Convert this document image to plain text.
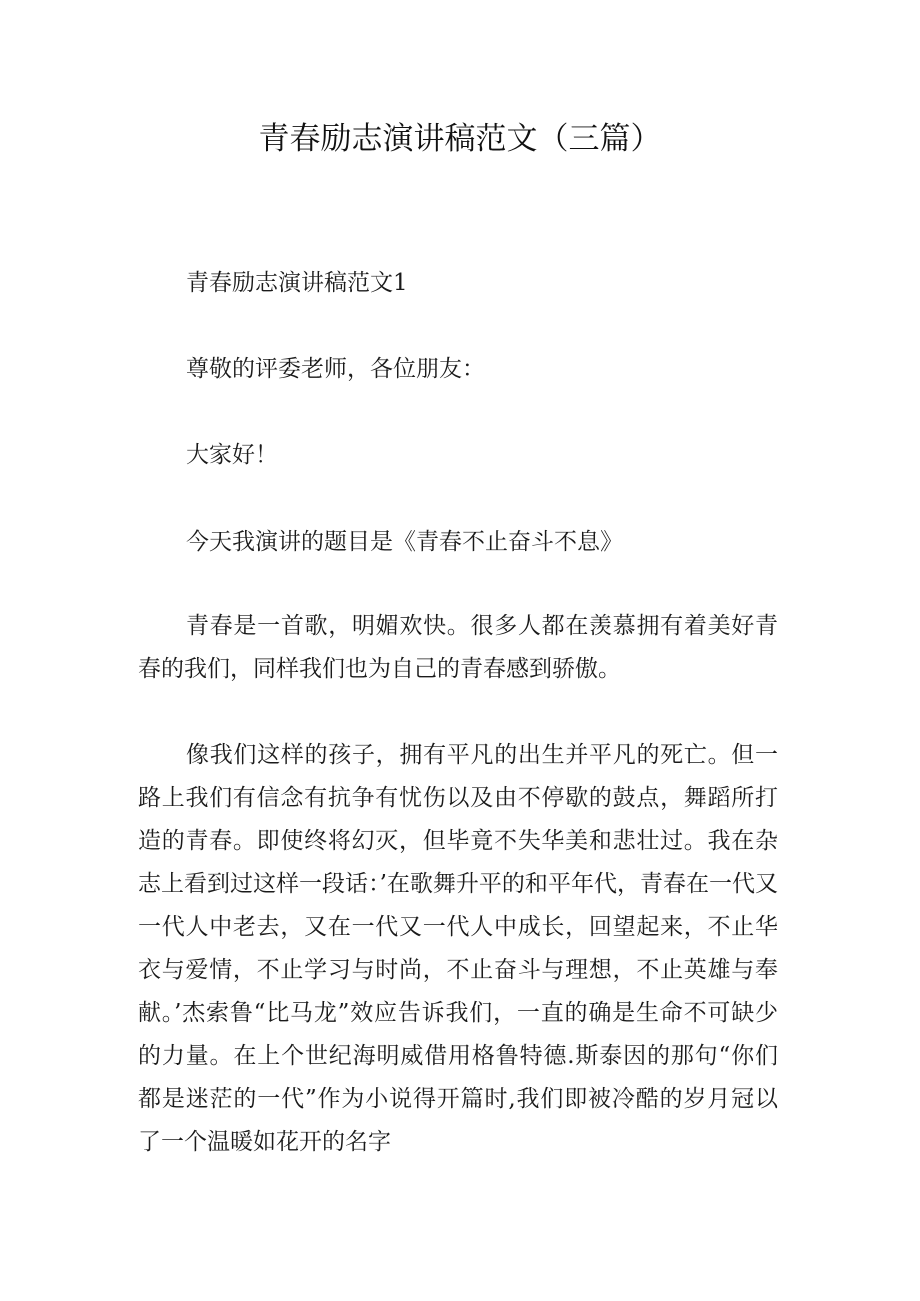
青春励志演讲稿范文（三篇）

青春励志演讲稿范文1

尊敬的评委老师，各位朋友：

大家好！

今天我演讲的题目是《青春不止奋斗不息》

青春是一首歌，明媚欢快。很多人都在羡慕拥有着美好青春的我们，同样我们也为自己的青春感到骄傲。

像我们这样的孩子，拥有平凡的出生并平凡的死亡。但一路上我们有信念有抗争有忧伤以及由不停歇的鼓点，舞蹈所打造的青春。即使终将幻灭，但毕竟不失华美和悲壮过。我在杂志上看到过这样一段话：’在歌舞升平的和平年代，青春在一代又一代人中老去，又在一代又一代人中成长，回望起来，不止华衣与爱情，不止学习与时尚，不止奋斗与理想，不止英雄与奉献。’杰索鲁“比马龙”效应告诉我们，一直的确是生命不可缺少的力量。在上个世纪海明威借用格鲁特德.斯泰因的那句“你们都是迷茫的一代”作为小说得开篇时,我们即被冷酷的岁月冠以了一个温暖如花开的名字
